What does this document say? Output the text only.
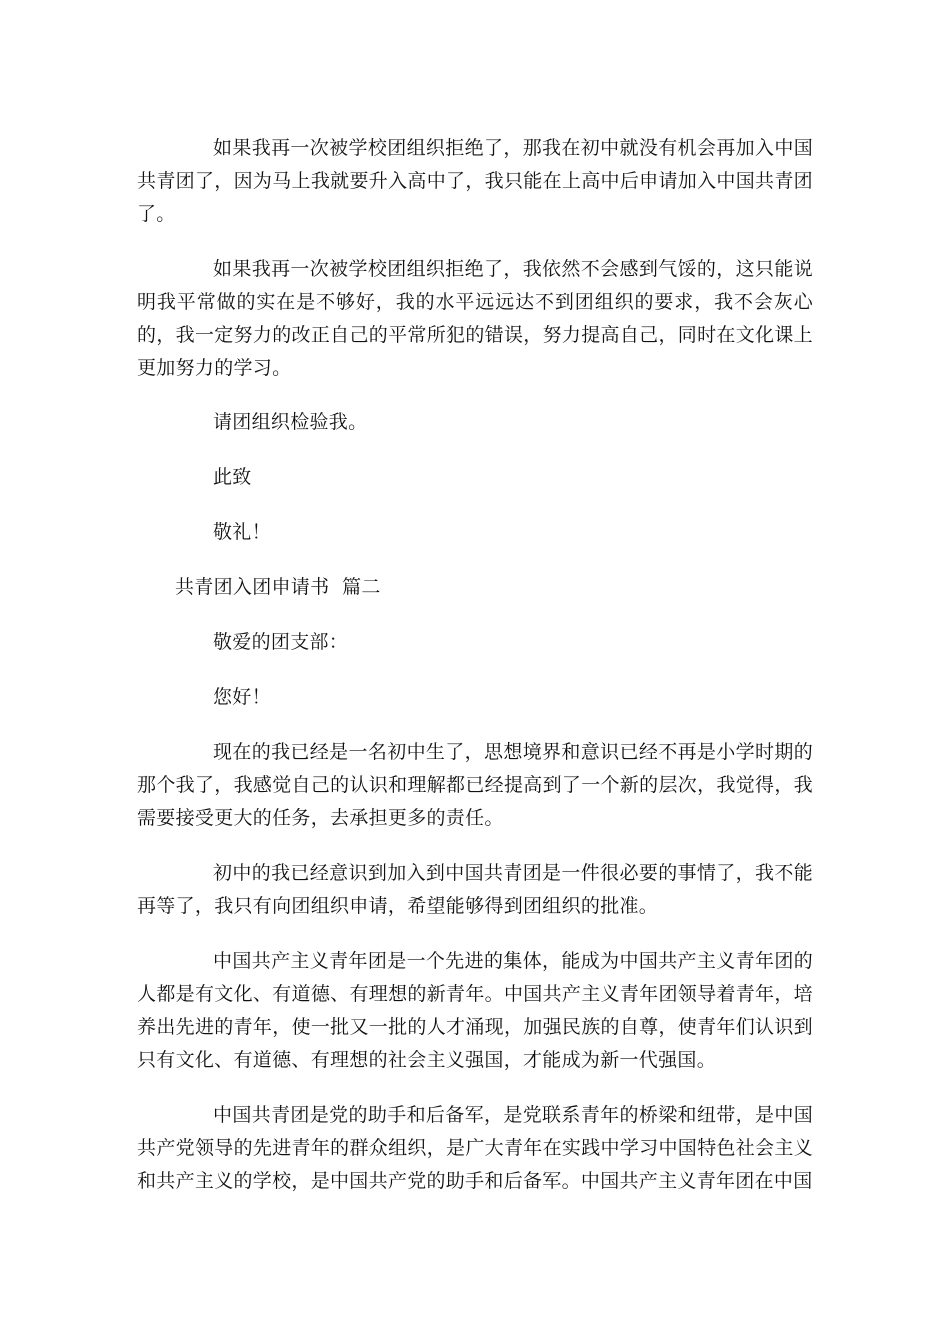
如果我再一次被学校团组织拒绝了，那我在初中就没有机会再加入中国共青团了，因为马上我就要升入高中了，我只能在上高中后申请加入中国共青团了。

如果我再一次被学校团组织拒绝了，我依然不会感到气馁的，这只能说明我平常做的实在是不够好，我的水平远远达不到团组织的要求，我不会灰心的，我一定努力的改正自己的平常所犯的错误，努力提高自己，同时在文化课上更加努力的学习。

请团组织检验我。

此致

敬礼！

共青团入团申请书  篇二

敬爱的团支部：

您好！

现在的我已经是一名初中生了，思想境界和意识已经不再是小学时期的那个我了，我感觉自己的认识和理解都已经提高到了一个新的层次，我觉得，我需要接受更大的任务，去承担更多的责任。

初中的我已经意识到加入到中国共青团是一件很必要的事情了，我不能再等了，我只有向团组织申请，希望能够得到团组织的批准。

中国共产主义青年团是一个先进的集体，能成为中国共产主义青年团的人都是有文化、有道德、有理想的新青年。中国共产主义青年团领导着青年，培养出先进的青年，使一批又一批的人才涌现，加强民族的自尊，使青年们认识到只有文化、有道德、有理想的社会主义强国，才能成为新一代强国。

中国共青团是党的助手和后备军，是党联系青年的桥梁和纽带，是中国共产党领导的先进青年的群众组织，是广大青年在实践中学习中国特色社会主义和共产主义的学校，是中国共产党的助手和后备军。中国共产主义青年团在中国
